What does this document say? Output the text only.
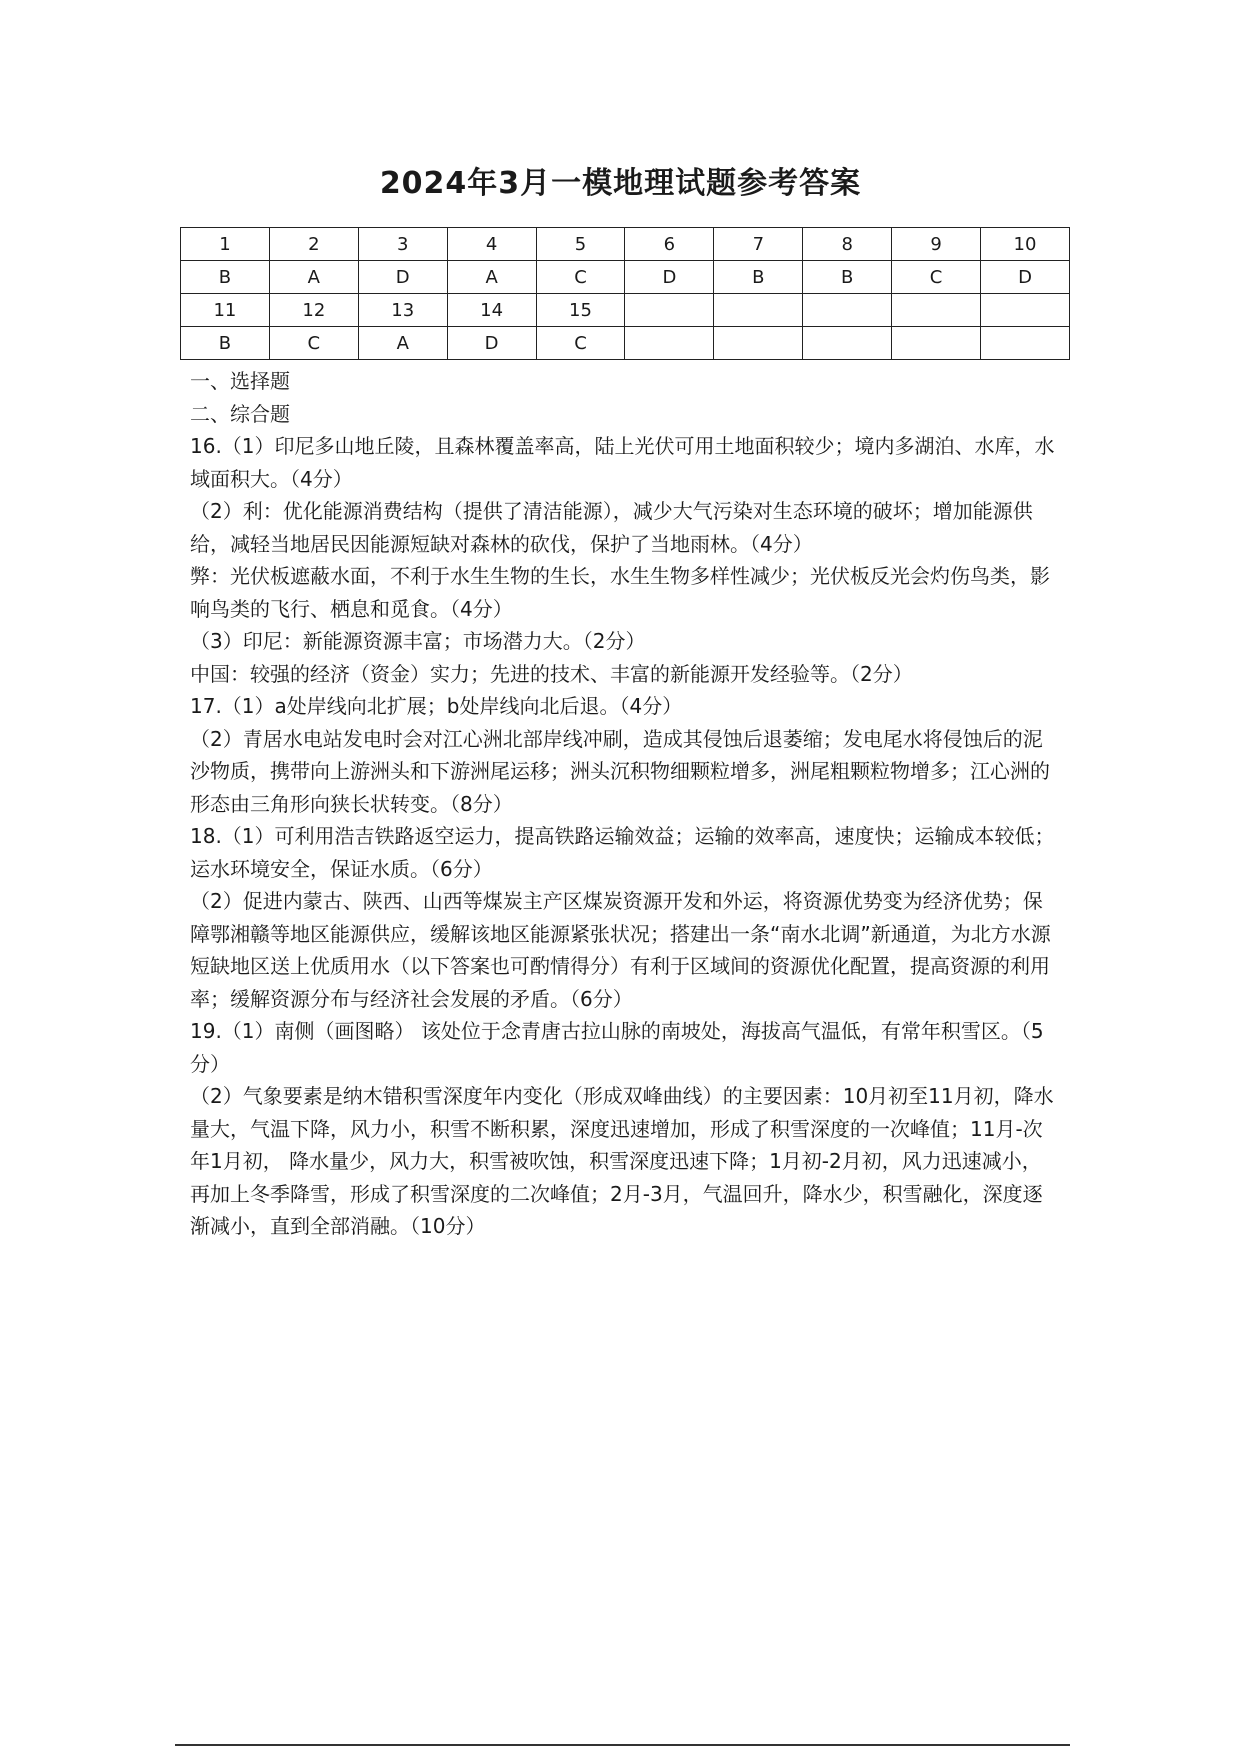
2024年3月一模地理试题参考答案
1	2	3	4	5	6	7	8	9	10
B	A	D	A	C	D	B	B	C	D
11	12	13	14	15					
B	C	A	D	C					

一、选择题

二、综合题

16.（1）印尼多山地丘陵，且森林覆盖率高，陆上光伏可用土地面积较少；境内多湖泊、水库，水域面积大。（4分）

（2）利：优化能源消费结构（提供了清洁能源），减少大气污染对生态环境的破坏；增加能源供给，减轻当地居民因能源短缺对森林的砍伐，保护了当地雨林。（4分）

弊：光伏板遮蔽水面，不利于水生生物的生长，水生生物多样性减少；光伏板反光会灼伤鸟类，影响鸟类的飞行、栖息和觅食。（4分）

（3）印尼：新能源资源丰富；市场潜力大。（2分）

中国：较强的经济（资金）实力；先进的技术、丰富的新能源开发经验等。（2分）

17.（1）a处岸线向北扩展；b处岸线向北后退。（4分）

（2）青居水电站发电时会对江心洲北部岸线冲刷，造成其侵蚀后退萎缩；发电尾水将侵蚀后的泥沙物质，携带向上游洲头和下游洲尾运移；洲头沉积物细颗粒增多，洲尾粗颗粒物增多；江心洲的形态由三角形向狭长状转变。（8分）

18.（1）可利用浩吉铁路返空运力，提高铁路运输效益；运输的效率高，速度快；运输成本较低；运水环境安全，保证水质。（6分）

（2）促进内蒙古、陕西、山西等煤炭主产区煤炭资源开发和外运，将资源优势变为经济优势；保障鄂湘赣等地区能源供应，缓解该地区能源紧张状况；搭建出一条“南水北调”新通道，为北方水源短缺地区送上优质用水（以下答案也可酌情得分）有利于区域间的资源优化配置，提高资源的利用率；缓解资源分布与经济社会发展的矛盾。（6分）

19.（1）南侧（画图略） 该处位于念青唐古拉山脉的南坡处，海拔高气温低，有常年积雪区。（5分）

（2）气象要素是纳木错积雪深度年内变化（形成双峰曲线）的主要因素：10月初至11月初，降水量大，气温下降，风力小，积雪不断积累，深度迅速增加，形成了积雪深度的一次峰值；11月-次年1月初， 降水量少，风力大，积雪被吹蚀，积雪深度迅速下降；1月初-2月初，风力迅速减小，再加上冬季降雪，形成了积雪深度的二次峰值；2月-3月，气温回升，降水少，积雪融化，深度逐渐减小，直到全部消融。（10分）
